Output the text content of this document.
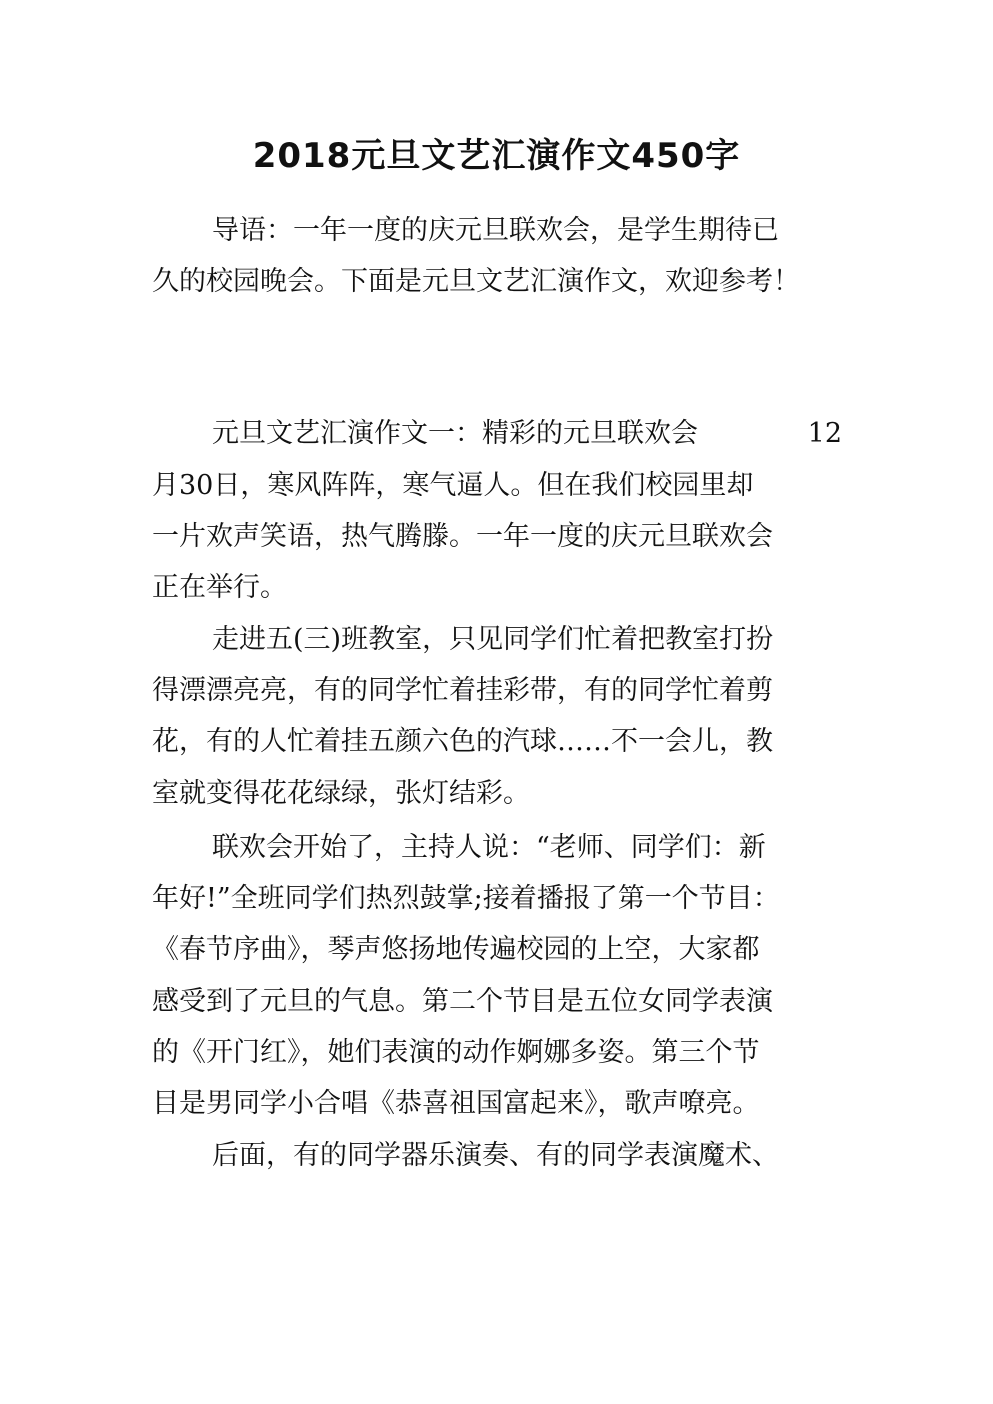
2018元旦文艺汇演作文450字

导语：一年一度的庆元旦联欢会，是学生期待已

久的校园晚会。下面是元旦文艺汇演作文，欢迎参考！

元旦文艺汇演作文一：精彩的元旦联欢会	12

月30日，寒风阵阵，寒气逼人。但在我们校园里却

一片欢声笑语，热气腾滕。一年一度的庆元旦联欢会

正在举行。

走进五(三)班教室，只见同学们忙着把教室打扮

得漂漂亮亮，有的同学忙着挂彩带，有的同学忙着剪

花，有的人忙着挂五颜六色的汽球……不一会儿，教

室就变得花花绿绿，张灯结彩。

联欢会开始了，主持人说：“老师、同学们：新

年好!”全班同学们热烈鼓掌;接着播报了第一个节目：

《春节序曲》，琴声悠扬地传遍校园的上空，大家都

感受到了元旦的气息。第二个节目是五位女同学表演

的《开门红》，她们表演的动作婀娜多姿。第三个节

目是男同学小合唱《恭喜祖国富起来》，歌声嘹亮。

后面，有的同学器乐演奏、有的同学表演魔术、
